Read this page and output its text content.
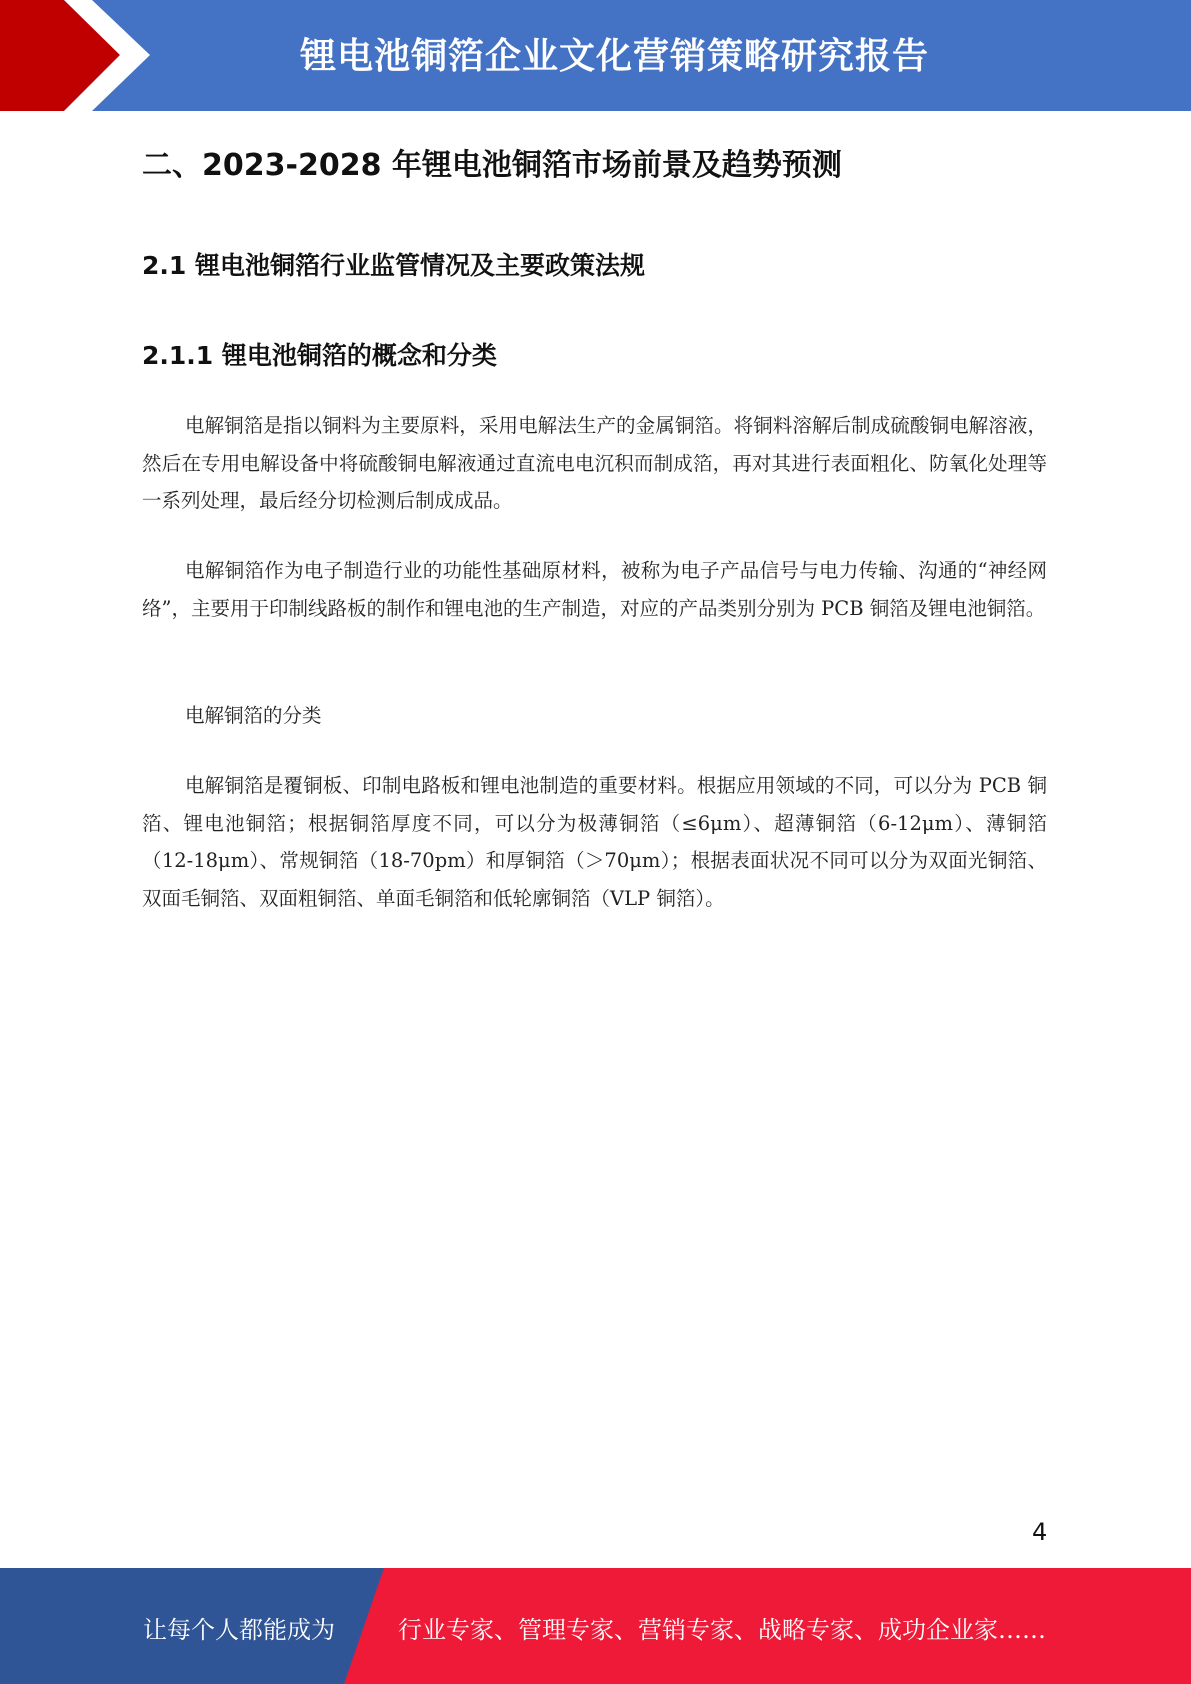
锂电池铜箔企业文化营销策略研究报告
二、2023-2028 年锂电池铜箔市场前景及趋势预测
2.1 锂电池铜箔行业监管情况及主要政策法规
2.1.1 锂电池铜箔的概念和分类

电解铜箔是指以铜料为主要原料，采用电解法生产的金属铜箔。将铜料溶解后制成硫酸铜电解溶液，然后在专用电解设备中将硫酸铜电解液通过直流电电沉积而制成箔，再对其进行表面粗化、防氧化处理等一系列处理，最后经分切检测后制成成品。

电解铜箔作为电子制造行业的功能性基础原材料，被称为电子产品信号与电力传输、沟通的“神经网络”，主要用于印制线路板的制作和锂电池的生产制造，对应的产品类别分别为 PCB 铜箔及锂电池铜箔。

电解铜箔的分类

电解铜箔是覆铜板、印制电路板和锂电池制造的重要材料。根据应用领域的不同，可以分为 PCB 铜箔、锂电池铜箔；根据铜箔厚度不同，可以分为极薄铜箔（≤6μm）、超薄铜箔（6-12μm）、薄铜箔（12-18μm）、常规铜箔（18-70pm）和厚铜箔（＞70μm）；根据表面状况不同可以分为双面光铜箔、双面毛铜箔、双面粗铜箔、单面毛铜箔和低轮廓铜箔（VLP 铜箔）。

4
让每个人都能成为	行业专家、管理专家、营销专家、战略专家、成功企业家……
